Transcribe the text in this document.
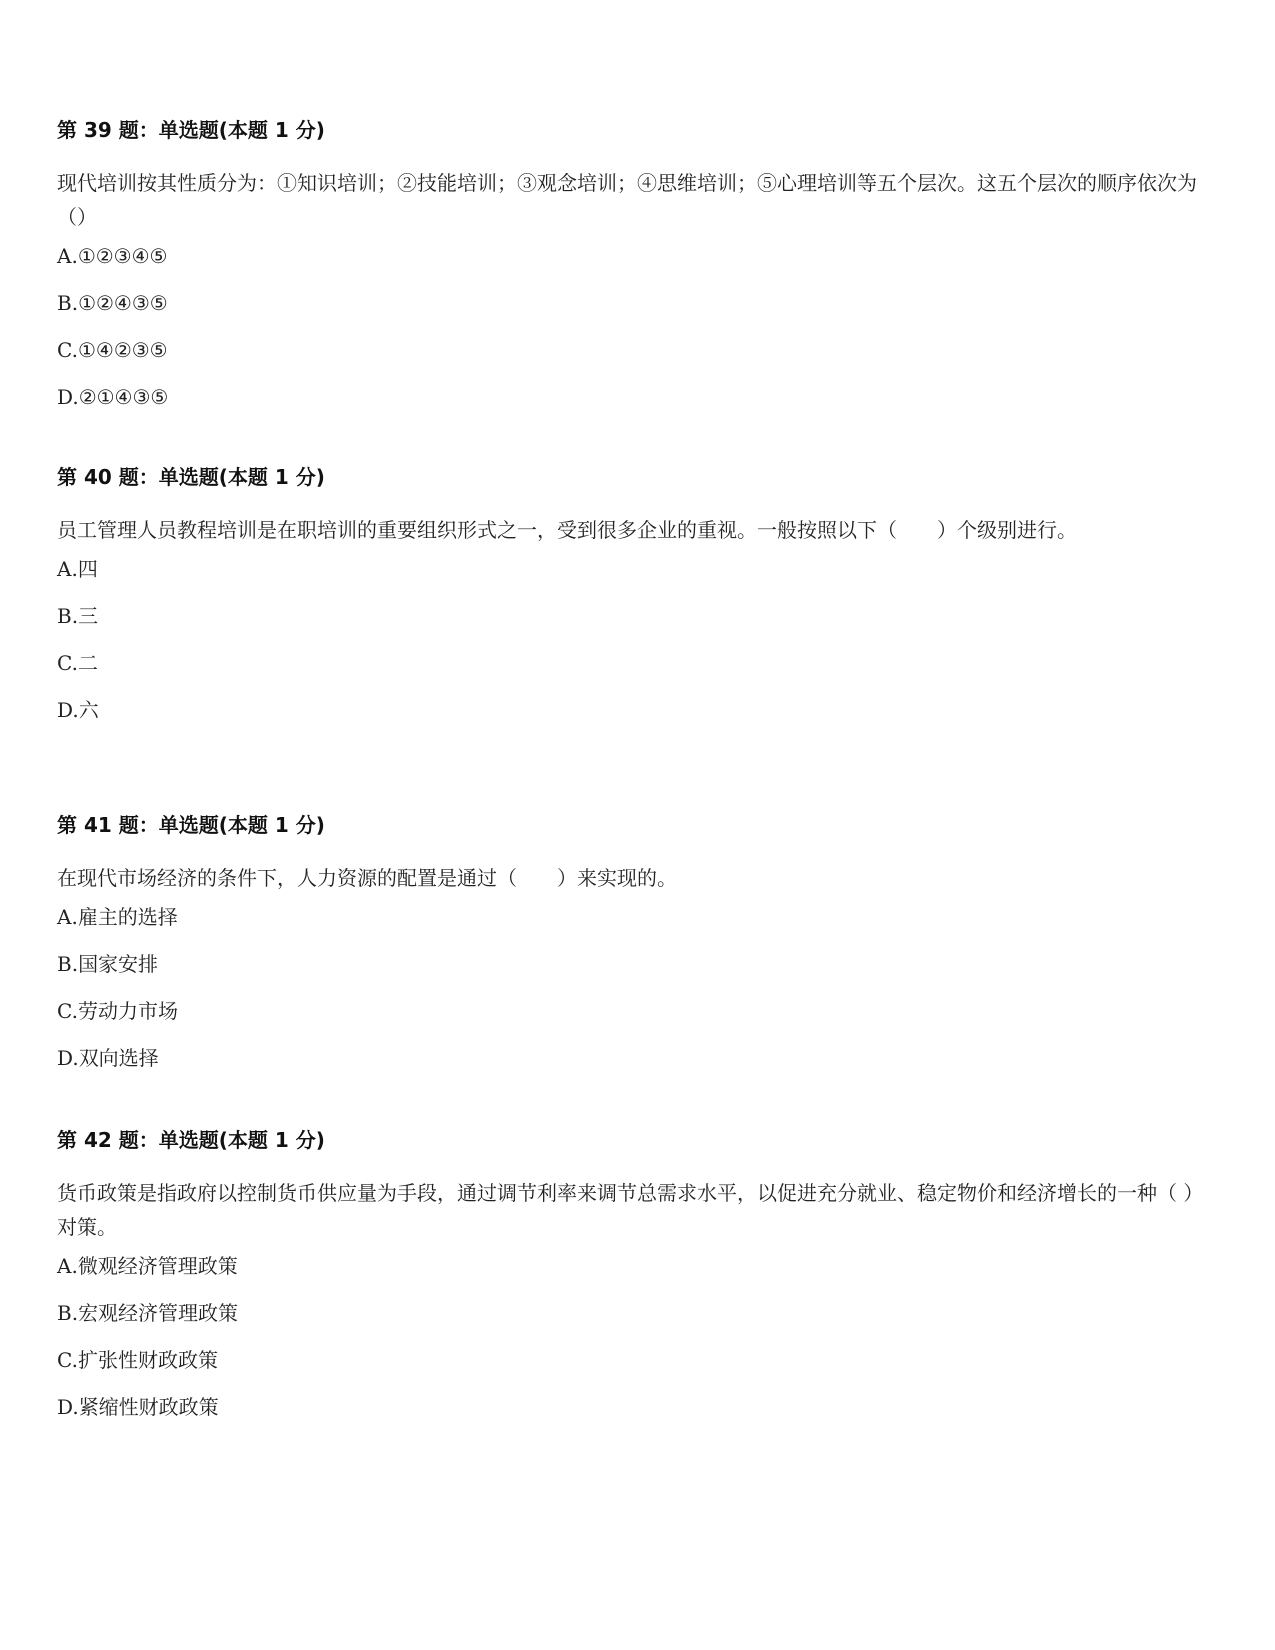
第 39 题：单选题(本题 1 分)
现代培训按其性质分为：①知识培训；②技能培训；③观念培训；④思维培训；⑤心理培训等五个层次。这五个层次的顺序依次为（）
A.①②③④⑤
B.①②④③⑤
C.①④②③⑤
D.②①④③⑤
第 40 题：单选题(本题 1 分)
员工管理人员教程培训是在职培训的重要组织形式之一，受到很多企业的重视。一般按照以下（　　）个级别进行。
A.四
B.三
C.二
D.六
第 41 题：单选题(本题 1 分)
在现代市场经济的条件下，人力资源的配置是通过（　　）来实现的。
A.雇主的选择
B.国家安排
C.劳动力市场
D.双向选择
第 42 题：单选题(本题 1 分)
货币政策是指政府以控制货币供应量为手段，通过调节利率来调节总需求水平，以促进充分就业、稳定物价和经济增长的一种（ ）对策。
A.微观经济管理政策
B.宏观经济管理政策
C.扩张性财政政策
D.紧缩性财政政策
